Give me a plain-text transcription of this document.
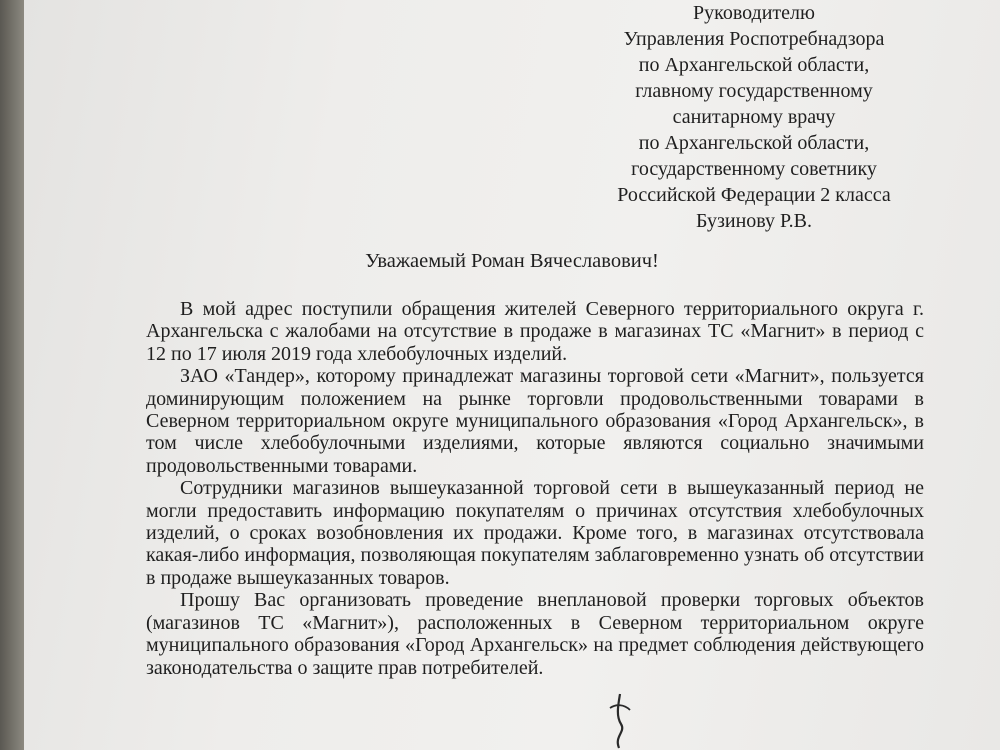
Руководителю
Управления Роспотребнадзора
по Архангельской области,
главному государственному
санитарному врачу
по Архангельской области,
государственному советнику
Российской Федерации 2 класса
Бузинову Р.В.
Уважаемый Роман Вячеславович!

В мой адрес поступили обращения жителей Северного территориального округа г. Архангельска с жалобами на отсутствие в продаже в магазинах ТС «Магнит» в период с 12 по 17 июля 2019 года хлебобулочных изделий.

ЗАО «Тандер», которому принадлежат магазины торговой сети «Магнит», пользуется доминирующим положением на рынке торговли продовольственными товарами в Северном территориальном округе муниципального образования «Город Архангельск», в том числе хлебобулочными изделиями, которые являются социально значимыми продовольственными товарами.

Сотрудники магазинов вышеуказанной торговой сети в вышеуказанный период не могли предоставить информацию покупателям о причинах отсутствия хлебобулочных изделий, о сроках возобновления их продажи. Кроме того, в магазинах отсутствовала какая-либо информация, позволяющая покупателям заблаговременно узнать об отсутствии в продаже вышеуказанных товаров.

Прошу Вас организовать проведение внеплановой проверки торговых объектов (магазинов ТС «Магнит»), расположенных в Северном территориальном округе муниципального образования «Город Архангельск» на предмет соблюдения действующего законодательства о защите прав потребителей.
